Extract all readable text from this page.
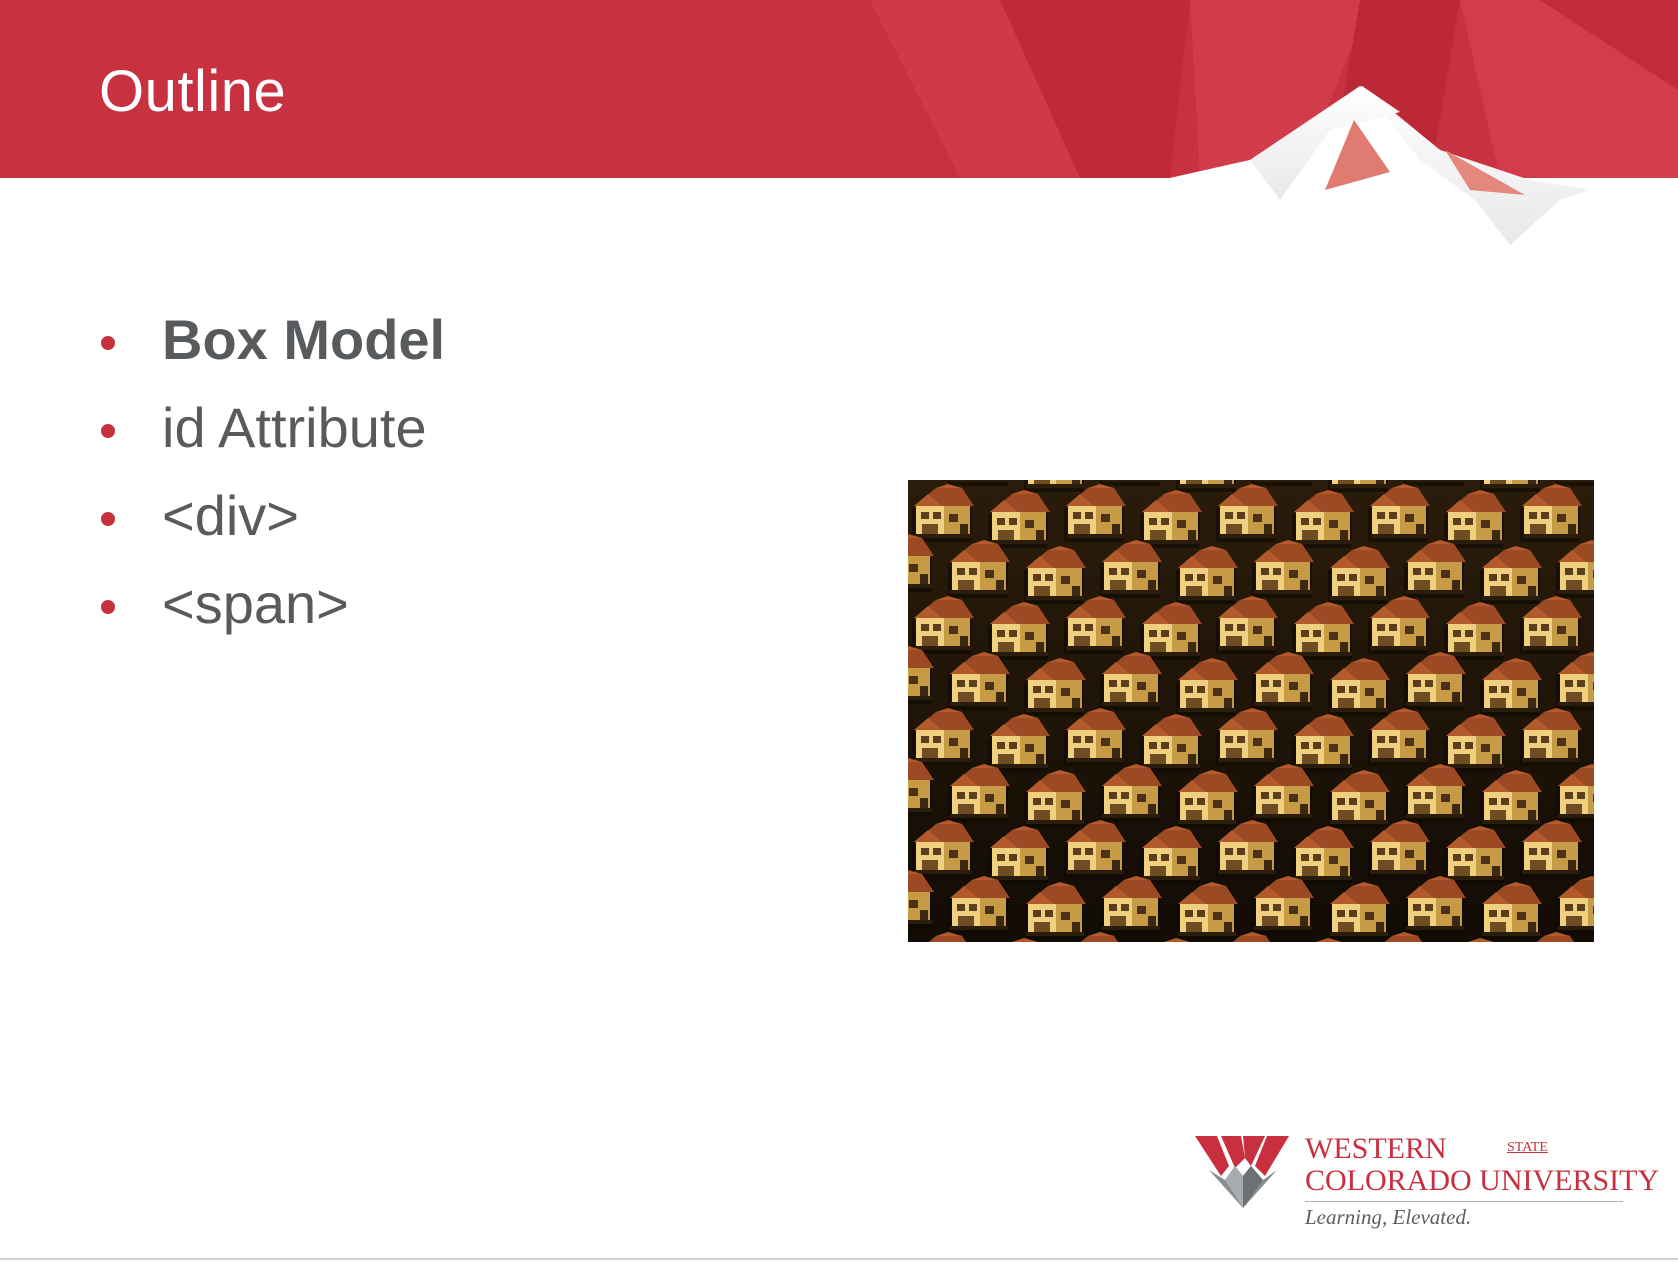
Outline
Box Model
id Attribute
<div>
<span>
WESTERN	STATE
COLORADO UNIVERSITY
Learning, Elevated.
